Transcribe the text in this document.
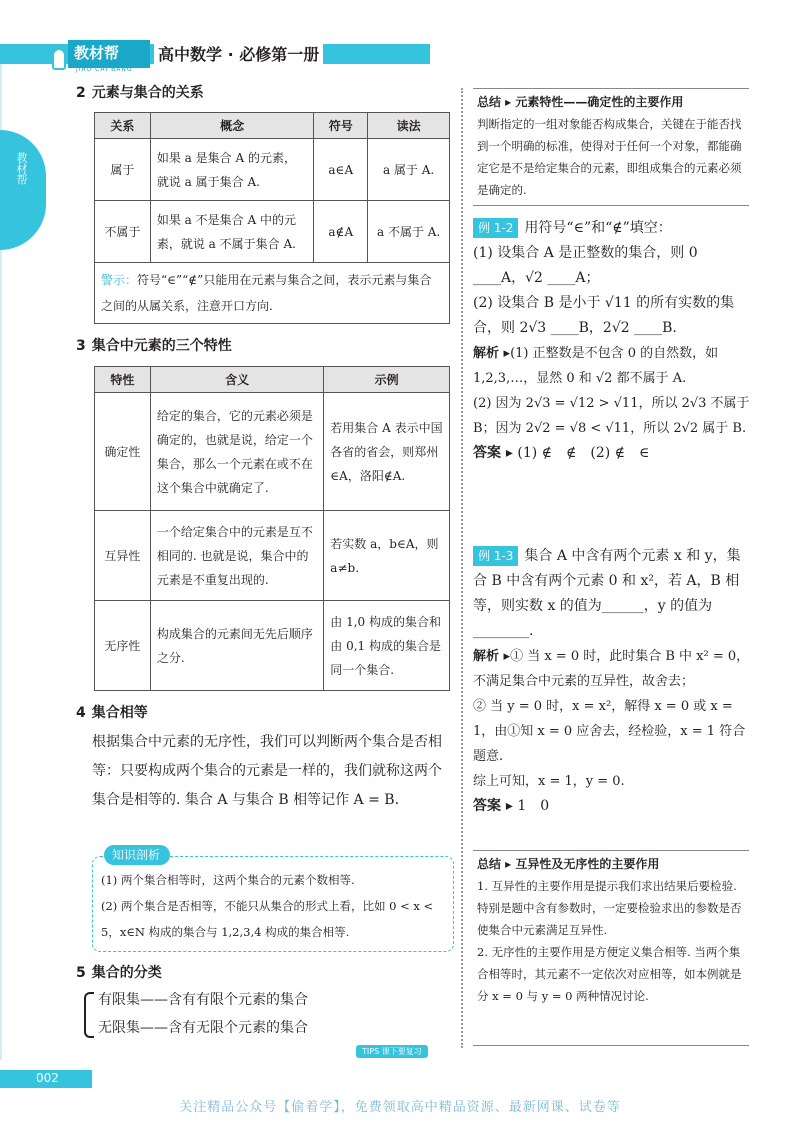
教材帮
JIAO CAI BANG
高中数学 · 必修第一册
教材帮
2 元素与集合的关系
关系	概念	符号	读法
属于	如果 a 是集合 A 的元素，就说 a 属于集合 A.	a∈A	a 属于 A.
不属于	如果 a 不是集合 A 中的元素，就说 a 不属于集合 A.	a∉A	a 不属于 A.
警示：符号“∈”“∉”只能用在元素与集合之间，表示元素与集合之间的从属关系，注意开口方向.			
3 集合中元素的三个特性
特性	含义	示例
确定性	给定的集合，它的元素必须是确定的，也就是说，给定一个集合，那么一个元素在或不在这个集合中就确定了.	若用集合 A 表示中国各省的省会，则郑州∈A，洛阳∉A.
互异性	一个给定集合中的元素是互不相同的. 也就是说，集合中的元素是不重复出现的.	若实数 a，b∈A，则 a≠b.
无序性	构成集合的元素间无先后顺序之分.	由 1,0 构成的集合和由 0,1 构成的集合是同一个集合.
4 集合相等
根据集合中元素的无序性，我们可以判断两个集合是否相等：只要构成两个集合的元素是一样的，我们就称这两个集合是相等的. 集合 A 与集合 B 相等记作 A = B.
(1) 两个集合相等时，这两个集合的元素个数相等.
(2) 两个集合是否相等，不能只从集合的形式上看，比如 0 < x < 5，x∈N 构成的集合与 1,2,3,4 构成的集合相等.
知识剖析
5 集合的分类
有限集——含有有限个元素的集合
无限集——含有无限个元素的集合
总结 ▸ 元素特性——确定性的主要作用
判断指定的一组对象能否构成集合，关键在于能否找到一个明确的标准，使得对于任何一个对象，都能确定它是不是给定集合的元素，即组成集合的元素必须是确定的.
例 1-2 用符号“∈”和“∉”填空：
(1) 设集合 A 是正整数的集合，则 0 ____A，√2 ____A；
(2) 设集合 B 是小于 √11 的所有实数的集合，则 2√3 ____B，2√2 ____B.
解析 ▸(1) 正整数是不包含 0 的自然数，如 1,2,3,…，显然 0 和 √2 都不属于 A.
(2) 因为 2√3 = √12 > √11，所以 2√3 不属于 B；因为 2√2 = √8 < √11，所以 2√2 属于 B.
答案 ▸ (1) ∉　∉　(2) ∉　∈
例 1-3 集合 A 中含有两个元素 x 和 y，集合 B 中含有两个元素 0 和 x²，若 A，B 相等，则实数 x 的值为______，y 的值为________.
解析 ▸① 当 x = 0 时，此时集合 B 中 x² = 0，不满足集合中元素的互异性，故舍去；
② 当 y = 0 时，x = x²，解得 x = 0 或 x = 1，由①知 x = 0 应舍去，经检验，x = 1 符合题意.
综上可知，x = 1，y = 0.
答案 ▸ 1　0
总结 ▸ 互异性及无序性的主要作用
1. 互异性的主要作用是提示我们求出结果后要检验. 特别是题中含有参数时，一定要检验求出的参数是否使集合中元素满足互异性.
2. 无序性的主要作用是方便定义集合相等. 当两个集合相等时，其元素不一定依次对应相等，如本例就是分 x = 0 与 y = 0 两种情况讨论.
TIPS 课下要复习
002
关注精品公众号【偷着学】，免费领取高中精品资源、最新网课、试卷等
